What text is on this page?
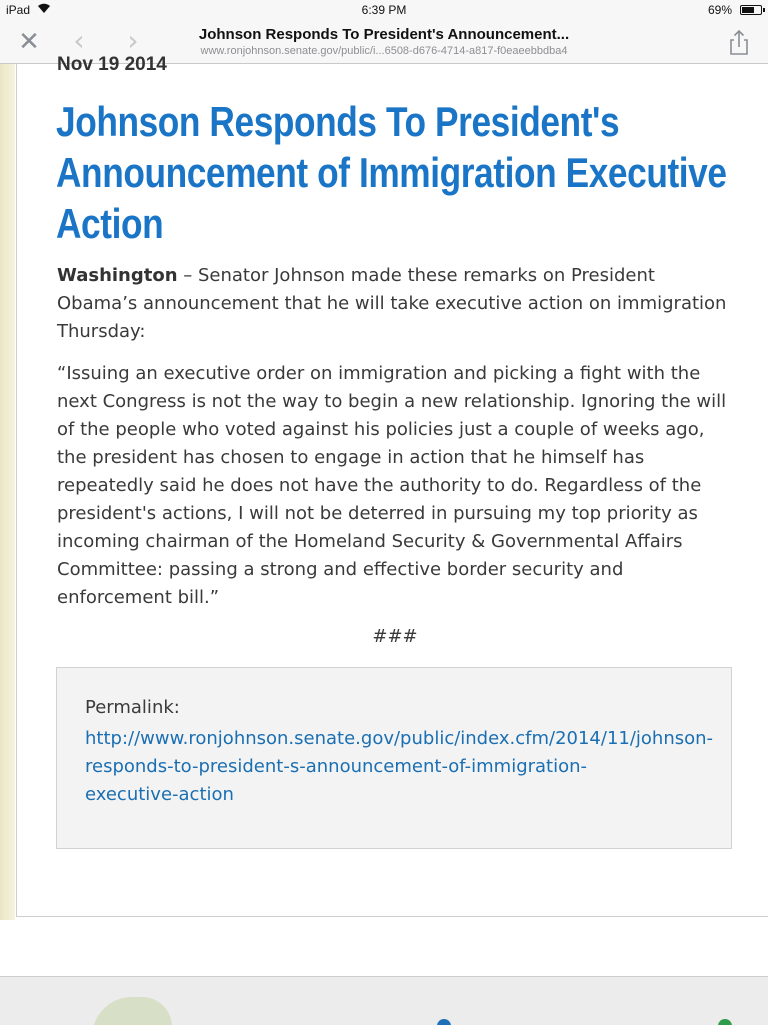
iPad	6:39 PM	69%
✕ ‹ ›	Johnson Responds To President's Announcement...
www.ronjohnson.senate.gov/public/i...6508-d676-4714-a817-f0eaeebbdba4
Nov 19 2014
Johnson Responds To President's Announcement of Immigration Executive Action

Washington – Senator Johnson made these remarks on President Obama’s announcement that he will take executive action on immigration Thursday:

“Issuing an executive order on immigration and picking a fight with the next Congress is not the way to begin a new relationship. Ignoring the will of the people who voted against his policies just a couple of weeks ago, the president has chosen to engage in action that he himself has repeatedly said he does not have the authority to do. Regardless of the president's actions, I will not be deterred in pursuing my top priority as incoming chairman of the Homeland Security & Governmental Affairs Committee: passing a strong and effective border security and enforcement bill.”

###
Permalink:
http://www.ronjohnson.senate.gov/public/index.cfm/2014/11/johnson-
responds-to-president-s-announcement-of-immigration-
executive-action
